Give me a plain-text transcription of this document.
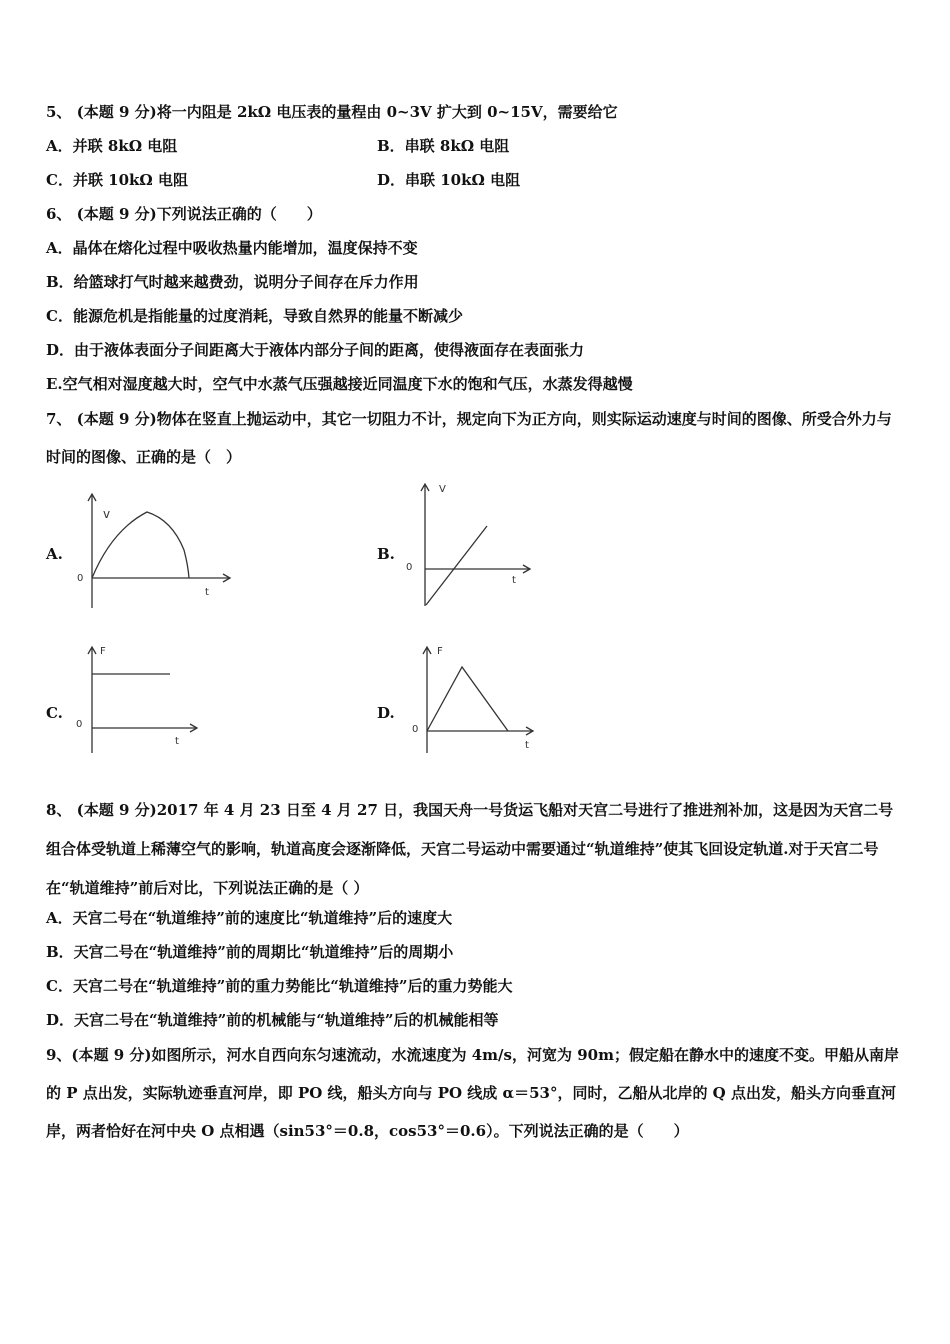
5、 (本题 9 分)将一内阻是 2kΩ 电压表的量程由 0~3V 扩大到 0~15V，需要给它
A．并联 8kΩ 电阻	B．串联 8kΩ 电阻
C．并联 10kΩ 电阻	D．串联 10kΩ 电阻
6、 (本题 9 分)下列说法正确的（　　）
A．晶体在熔化过程中吸收热量内能增加，温度保持不变
B．给篮球打气时越来越费劲，说明分子间存在斥力作用
C．能源危机是指能量的过度消耗，导致自然界的能量不断减少
D．由于液体表面分子间距离大于液体内部分子间的距离，使得液面存在表面张力
E.空气相对湿度越大时，空气中水蒸气压强越接近同温度下水的饱和气压，水蒸发得越慢
7、 (本题 9 分)物体在竖直上抛运动中，其它一切阻力不计，规定向下为正方向，则实际运动速度与时间的图像、所受合外力与时间的图像、正确的是（　）
A.
v
0
t
B.
V
0
t
C.
F
0
t
D.
F
0
t
8、 (本题 9 分)2017 年 4 月 23 日至 4 月 27 日，我国天舟一号货运飞船对天宫二号进行了推进剂补加，这是因为天宫二号组合体受轨道上稀薄空气的影响，轨道高度会逐渐降低，天宫二号运动中需要通过“轨道维持”使其飞回设定轨道.对于天宫二号在“轨道维持”前后对比，下列说法正确的是（ ）
A．天宫二号在“轨道维持”前的速度比“轨道维持”后的速度大
B．天宫二号在“轨道维持”前的周期比“轨道维持”后的周期小
C．天宫二号在“轨道维持”前的重力势能比“轨道维持”后的重力势能大
D．天宫二号在“轨道维持”前的机械能与“轨道维持”后的机械能相等
9、(本题 9 分)如图所示，河水自西向东匀速流动，水流速度为 4m/s，河宽为 90m；假定船在静水中的速度不变。甲船从南岸的 P 点出发，实际轨迹垂直河岸，即 PO 线，船头方向与 PO 线成 α＝53°，同时，乙船从北岸的 Q 点出发，船头方向垂直河岸，两者恰好在河中央 O 点相遇（sin53°＝0.8，cos53°＝0.6）。下列说法正确的是（　　）
